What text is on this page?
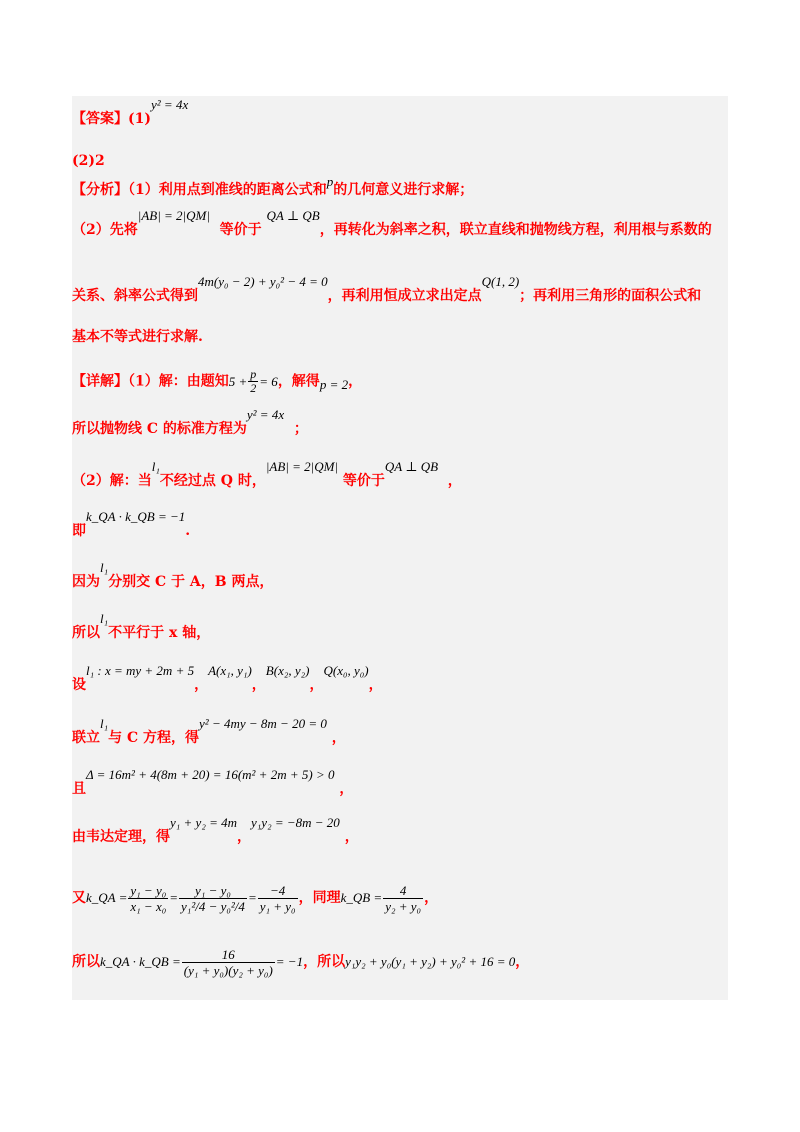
【答案】(1)y² = 4x
(2)2
【分析】（1）利用点到准线的距离公式和p的几何意义进行求解；
（2）先将|AB| = 2|QM|  等价于 QA ⊥ QB，再转化为斜率之积，联立直线和抛物线方程，利用根与系数的
关系、斜率公式得到4m(y₀ − 2) + y₀² − 4 = 0，再利用恒成立求出定点Q(1, 2)；再利用三角形的面积公式和
基本不等式进行求解.
【详解】（1）解：由题知$5 + \frac{p}{2} = 6$，解得p = 2，
所以抛物线 C 的标准方程为y² = 4x  ；
（2）解：当l₁不经过点 Q 时，|AB| = 2|QM| 等价于QA ⊥ QB  ，
即k_QA · k_QB = −1.
因为l₁分别交 C 于 A，B 两点，
所以l₁不平行于 x 轴，
设l₁ : x = my + 2m + 5，A(x₁, y₁)，B(x₂, y₂)，Q(x₀, y₀)，
联立l₁与 C 方程，得y² − 4my − 8m − 20 = 0 ，
且Δ = 16m² + 4(8m + 20) = 16(m² + 2m + 5) > 0 ，
由韦达定理，得y₁ + y₂ = 4m，y₁y₂ = −8m − 20 ，
又k_QA = $\frac{\text{y₁ − y₀}}{\text{x₁ − x₀}} = \frac{\text{y₁ − y₀}}{\text{y₁²/4 − y₀²/4}} = \frac{-4}{\text{y₁ + y₀}}$ ，同理k_QB = $\frac{4}{\text{y₂ + y₀}}$ ，
所以k_QA · k_QB = $\frac{16}{\text{(y₁ + y₀)(y₂ + y₀)}} = -1$，所以y₁y₂ + y₀(y₁ + y₂) + y₀² + 16 = 0，
